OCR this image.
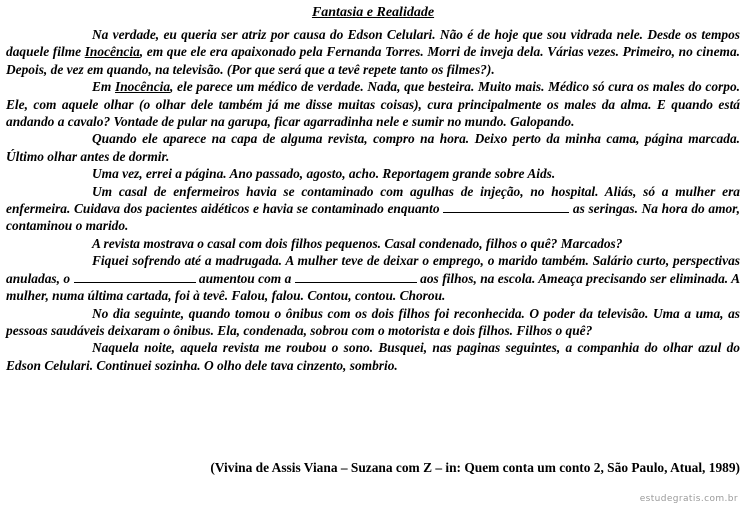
Fantasia e Realidade

Na verdade, eu queria ser atriz por causa do Edson Celulari. Não é de hoje que sou vidrada nele. Desde os tempos daquele filme Inocência, em que ele era apaixonado pela Fernanda Torres. Morri de inveja dela. Várias vezes. Primeiro, no cinema. Depois, de vez em quando, na televisão. (Por que será que a tevê repete tanto os filmes?).

Em Inocência, ele parece um médico de verdade. Nada, que besteira. Muito mais. Médico só cura os males do corpo. Ele, com aquele olhar (o olhar dele também já me disse muitas coisas), cura principalmente os males da alma. E quando está andando a cavalo? Vontade de pular na garupa, ficar agarradinha nele e sumir no mundo. Galopando.

Quando ele aparece na capa de alguma revista, compro na hora. Deixo perto da minha cama, página marcada. Último olhar antes de dormir.

Uma vez, errei a página. Ano passado, agosto, acho. Reportagem grande sobre Aids.

Um casal de enfermeiros havia se contaminado com agulhas de injeção, no hospital. Aliás, só a mulher era enfermeira. Cuidava dos pacientes aidéticos e havia se contaminado enquanto	as seringas. Na hora do amor, contaminou o marido.

A revista mostrava o casal com dois filhos pequenos. Casal condenado, filhos o quê? Marcados?

Fiquei sofrendo até a madrugada. A mulher teve de deixar o emprego, o marido também. Salário curto, perspectivas anuladas, o	aumentou com a	aos filhos, na escola. Ameaça precisando ser eliminada. A mulher, numa última cartada, foi à tevê. Falou, falou. Contou, contou. Chorou.

No dia seguinte, quando tomou o ônibus com os dois filhos foi reconhecida. O poder da televisão. Uma a uma, as pessoas saudáveis deixaram o ônibus. Ela, condenada, sobrou com o motorista e dois filhos. Filhos o quê?

Naquela noite, aquela revista me roubou o sono. Busquei, nas paginas seguintes, a companhia do olhar azul do Edson Celulari. Continuei sozinha. O olho dele tava cinzento, sombrio.

(Vivina de Assis Viana – Suzana com Z – in: Quem conta um conto 2, São Paulo, Atual, 1989)
estudegratis.com.br
